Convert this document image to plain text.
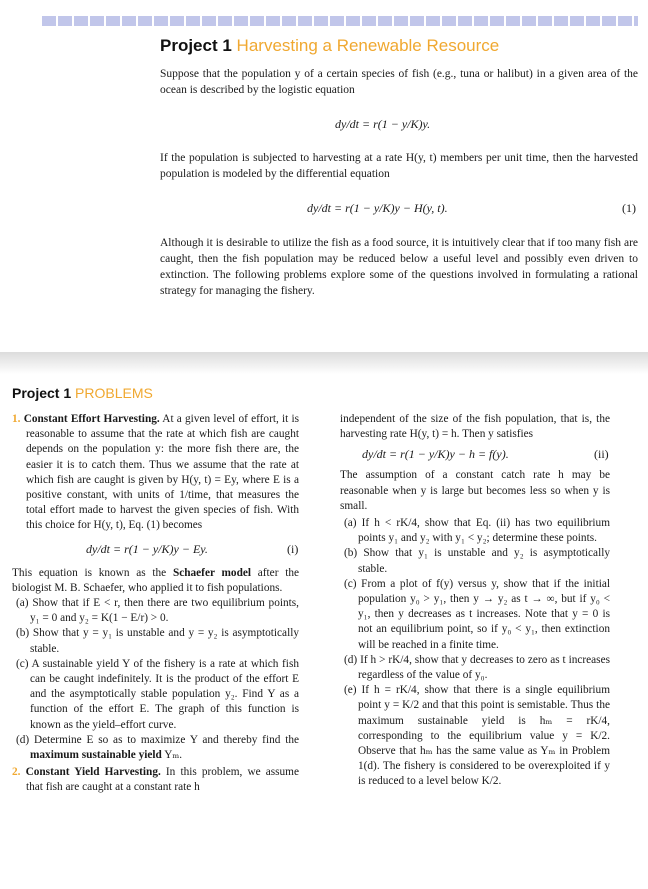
Project 1 Harvesting a Renewable Resource
Suppose that the population y of a certain species of fish (e.g., tuna or halibut) in a given area of the ocean is described by the logistic equation
dy/dt = r(1 − y/K)y.
If the population is subjected to harvesting at a rate H(y, t) members per unit time, then the harvested population is modeled by the differential equation
dy/dt = r(1 − y/K)y − H(y, t).	(1)
Although it is desirable to utilize the fish as a food source, it is intuitively clear that if too many fish are caught, then the fish population may be reduced below a useful level and possibly even driven to extinction. The following problems explore some of the questions involved in formulating a rational strategy for managing the fishery.
Project 1 PROBLEMS

1. Constant Effort Harvesting. At a given level of effort, it is reasonable to assume that the rate at which fish are caught depends on the population y: the more fish there are, the easier it is to catch them. Thus we assume that the rate at which fish are caught is given by H(y, t) = Ey, where E is a positive constant, with units of 1/time, that measures the total effort made to harvest the given species of fish. With this choice for H(y, t), Eq. (1) becomes

dy/dt = r(1 − y/K)y − Ey.	(i)

This equation is known as the Schaefer model after the biologist M. B. Schaefer, who applied it to fish populations.

(a) Show that if E < r, then there are two equilibrium points, y₁ = 0 and y₂ = K(1 − E/r) > 0.

(b) Show that y = y₁ is unstable and y = y₂ is asymptotically stable.

(c) A sustainable yield Y of the fishery is a rate at which fish can be caught indefinitely. It is the product of the effort E and the asymptotically stable population y₂. Find Y as a function of the effort E. The graph of this function is known as the yield–effort curve.

(d) Determine E so as to maximize Y and thereby find the maximum sustainable yield Yₘ.

2. Constant Yield Harvesting. In this problem, we assume that fish are caught at a constant rate h

independent of the size of the fish population, that is, the harvesting rate H(y, t) = h. Then y satisfies

dy/dt = r(1 − y/K)y − h = f(y).	(ii)

The assumption of a constant catch rate h may be reasonable when y is large but becomes less so when y is small.

(a) If h < rK/4, show that Eq. (ii) has two equilibrium points y₁ and y₂ with y₁ < y₂; determine these points.

(b) Show that y₁ is unstable and y₂ is asymptotically stable.

(c) From a plot of f(y) versus y, show that if the initial population y₀ > y₁, then y → y₂ as t → ∞, but if y₀ < y₁, then y decreases as t increases. Note that y = 0 is not an equilibrium point, so if y₀ < y₁, then extinction will be reached in a finite time.

(d) If h > rK/4, show that y decreases to zero as t increases regardless of the value of y₀.

(e) If h = rK/4, show that there is a single equilibrium point y = K/2 and that this point is semistable. Thus the maximum sustainable yield is hₘ = rK/4, corresponding to the equilibrium value y = K/2. Observe that hₘ has the same value as Yₘ in Problem 1(d). The fishery is considered to be overexploited if y is reduced to a level below K/2.
